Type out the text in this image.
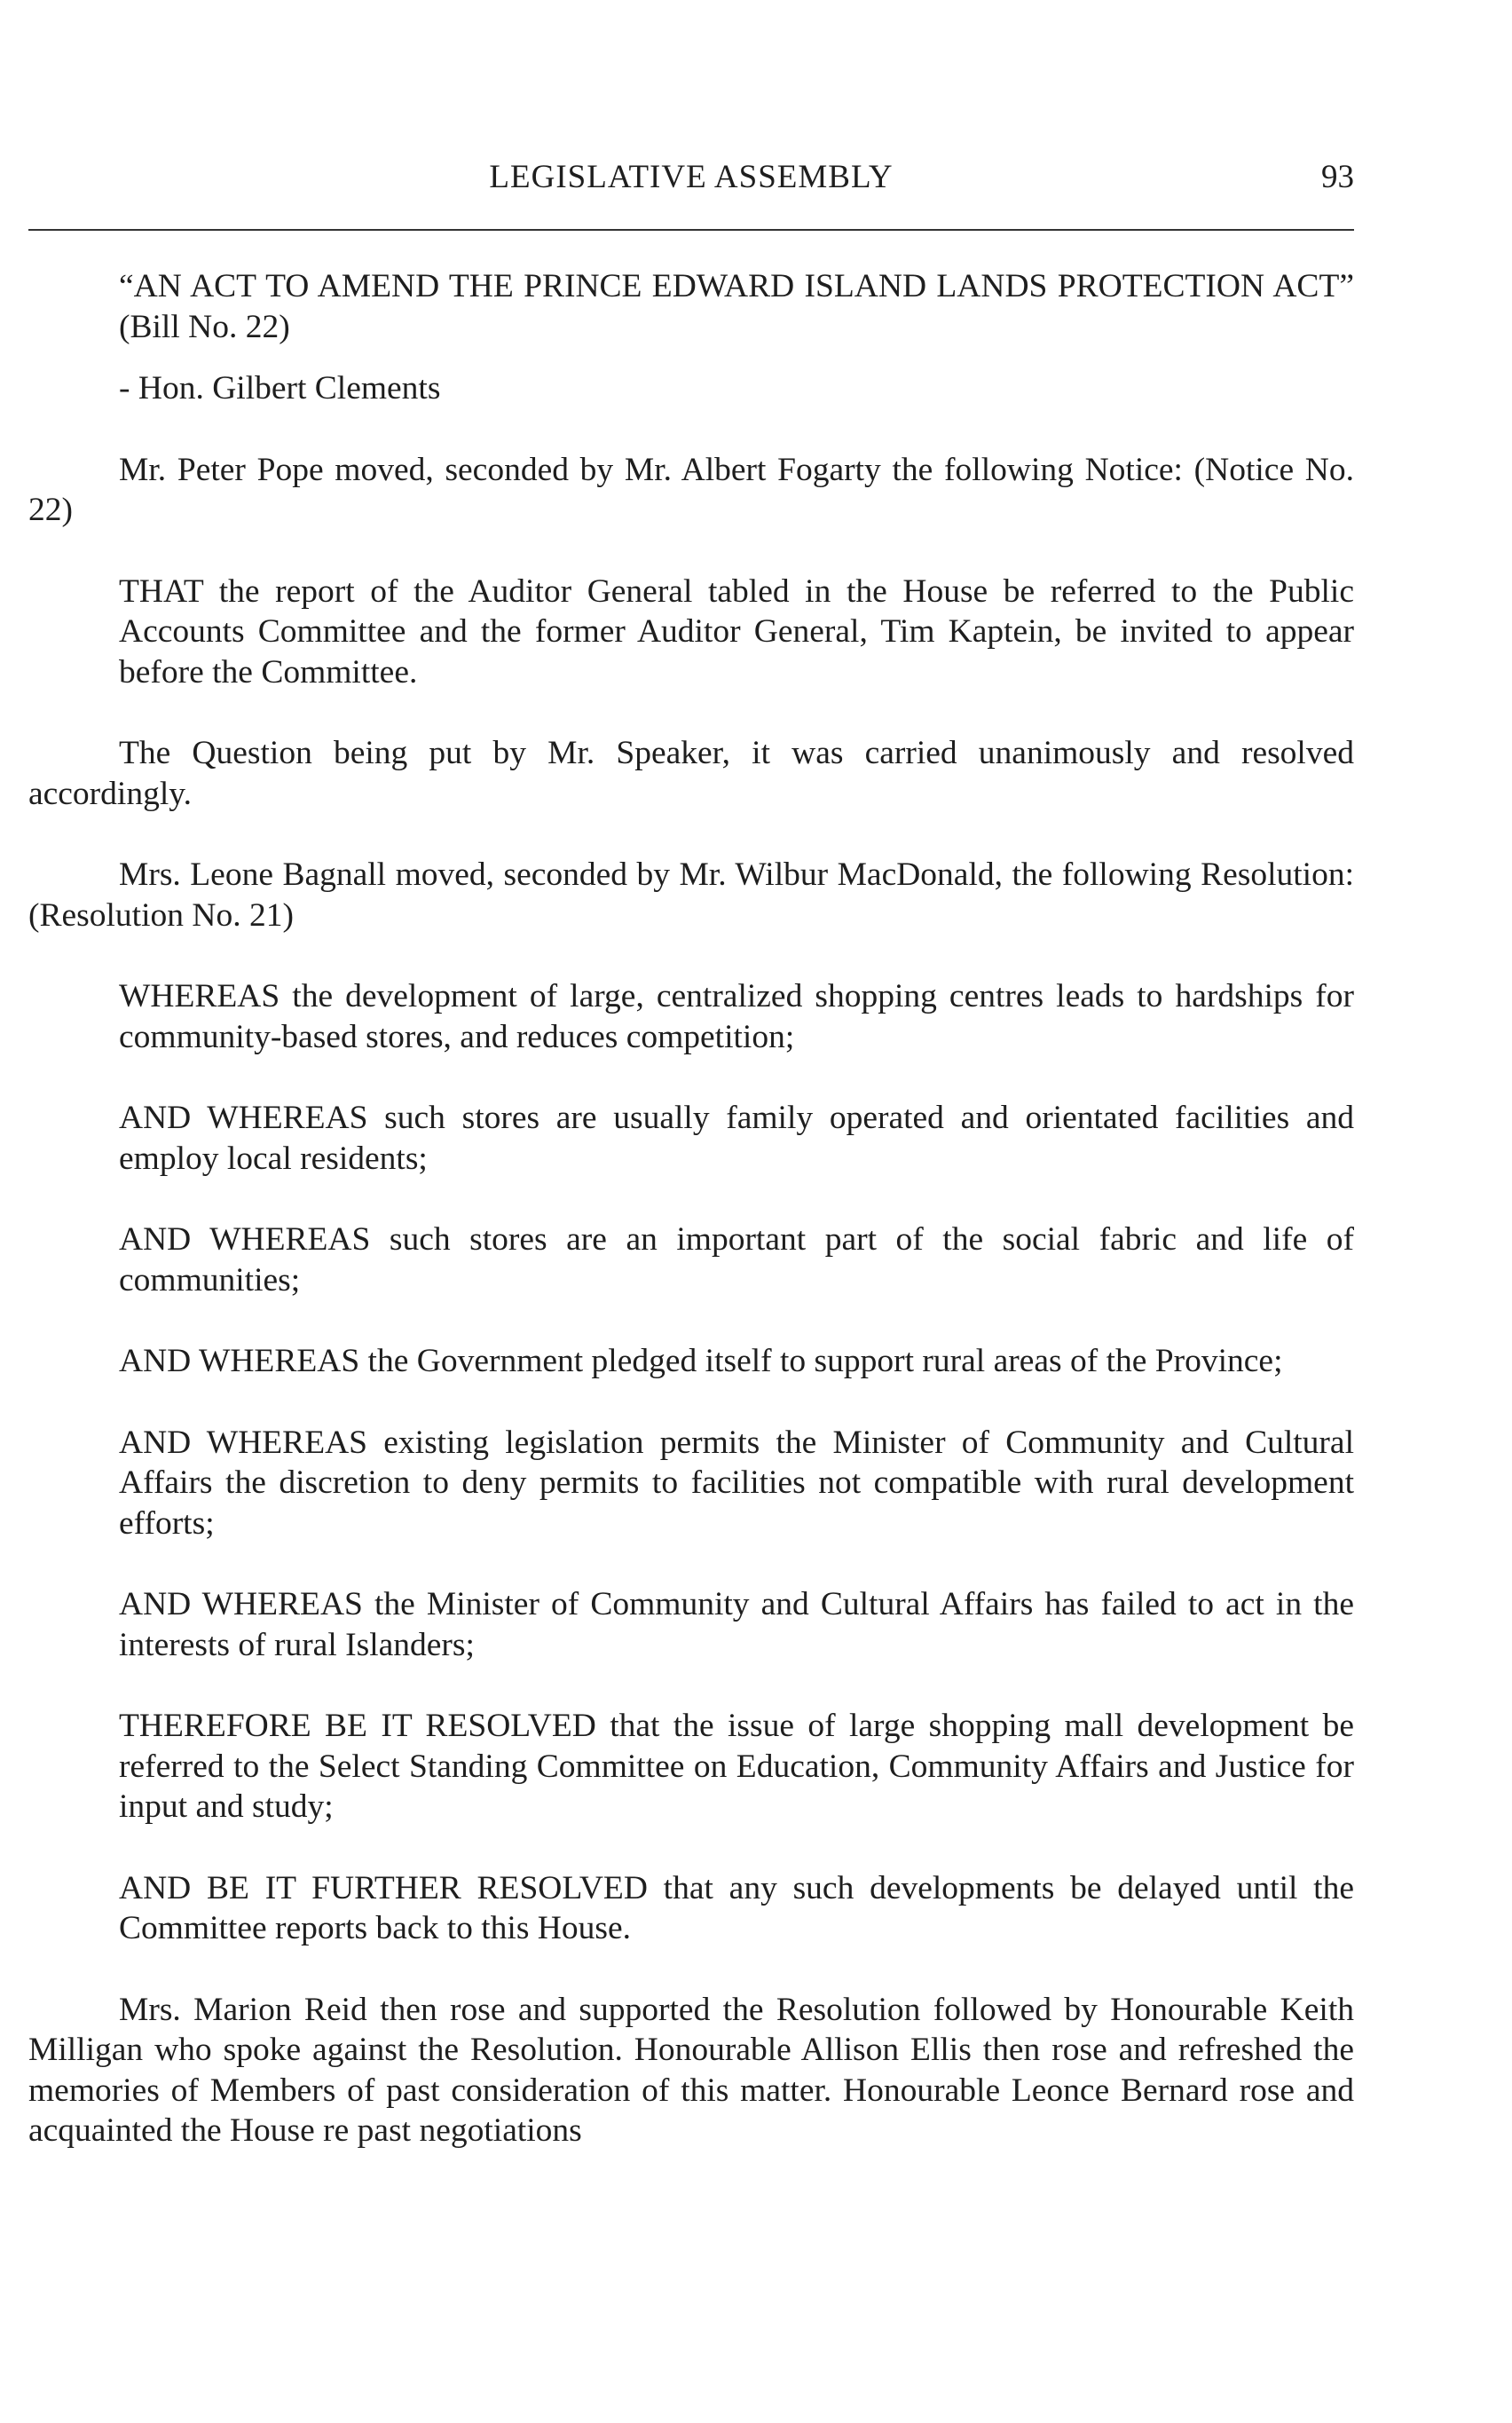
LEGISLATIVE ASSEMBLY	93

“AN ACT TO AMEND THE PRINCE EDWARD ISLAND LANDS PROTECTION ACT” (Bill No. 22)

- Hon. Gilbert Clements

Mr. Peter Pope moved, seconded by Mr. Albert Fogarty the following Notice: (Notice No. 22)

THAT the report of the Auditor General tabled in the House be referred to the Public Accounts Committee and the former Auditor General, Tim Kaptein, be invited to appear before the Committee.

The Question being put by Mr. Speaker, it was carried unanimously and resolved accordingly.

Mrs. Leone Bagnall moved, seconded by Mr. Wilbur MacDonald, the following Resolution: (Resolution No. 21)

WHEREAS the development of large, centralized shopping centres leads to hardships for community-based stores, and reduces competition;

AND WHEREAS such stores are usually family operated and orientated facilities and employ local residents;

AND WHEREAS such stores are an important part of the social fabric and life of communities;

AND WHEREAS the Government pledged itself to support rural areas of the Province;

AND WHEREAS existing legislation permits the Minister of Community and Cultural Affairs the discretion to deny permits to facilities not compatible with rural development efforts;

AND WHEREAS the Minister of Community and Cultural Affairs has failed to act in the interests of rural Islanders;

THEREFORE BE IT RESOLVED that the issue of large shopping mall development be referred to the Select Standing Committee on Education, Community Affairs and Justice for input and study;

AND BE IT FURTHER RESOLVED that any such developments be delayed until the Committee reports back to this House.

Mrs. Marion Reid then rose and supported the Resolution followed by Honourable Keith Milligan who spoke against the Resolution. Honourable Allison Ellis then rose and refreshed the memories of Members of past consideration of this matter. Honourable Leonce Bernard rose and acquainted the House re past negotiations
